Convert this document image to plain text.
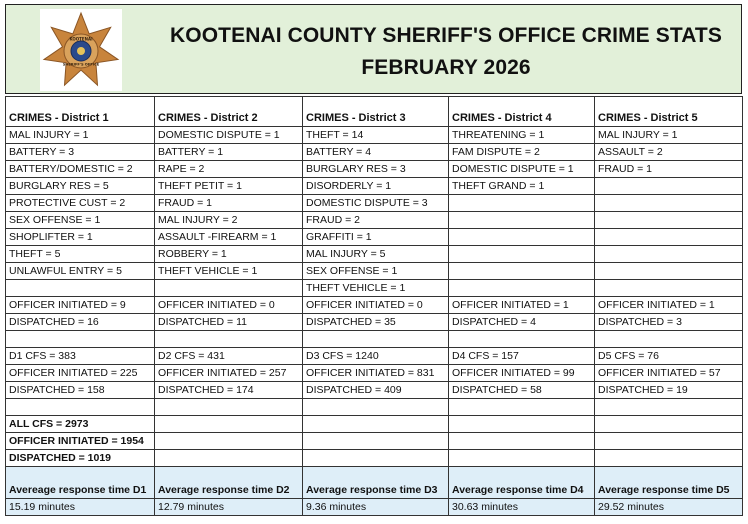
KOOTENAI
SHERIFF'S OFFICE
KOOTENAI COUNTY SHERIFF'S OFFICE CRIME STATS
FEBRUARY 2026
CRIMES - District 1	CRIMES - District 2	CRIMES - District 3	CRIMES - District 4	CRIMES - District 5
MAL INJURY = 1	DOMESTIC DISPUTE = 1	THEFT = 14	THREATENING = 1	MAL INJURY = 1
BATTERY = 3	BATTERY = 1	BATTERY = 4	FAM DISPUTE = 2	ASSAULT = 2
BATTERY/DOMESTIC = 2	RAPE = 2	BURGLARY RES = 3	DOMESTIC DISPUTE = 1	FRAUD = 1
BURGLARY RES = 5	THEFT PETIT = 1	DISORDERLY = 1	THEFT GRAND = 1	
PROTECTIVE CUST = 2	FRAUD = 1	DOMESTIC DISPUTE = 3		
SEX OFFENSE = 1	MAL INJURY = 2	FRAUD = 2		
SHOPLIFTER = 1	ASSAULT -FIREARM = 1	GRAFFITI = 1		
THEFT = 5	ROBBERY = 1	MAL INJURY = 5		
UNLAWFUL ENTRY = 5	THEFT VEHICLE = 1	SEX OFFENSE = 1		
		THEFT VEHICLE = 1		
OFFICER INITIATED = 9	OFFICER INITIATED = 0	OFFICER INITIATED = 0	OFFICER INITIATED = 1	OFFICER INITIATED = 1
DISPATCHED = 16	DISPATCHED = 11	DISPATCHED = 35	DISPATCHED = 4	DISPATCHED = 3

D1 CFS = 383	D2 CFS = 431	D3 CFS = 1240	D4 CFS = 157	D5 CFS = 76
OFFICER INITIATED = 225	OFFICER INITIATED = 257	OFFICER INITIATED = 831	OFFICER INITIATED = 99	OFFICER INITIATED = 57
DISPATCHED = 158	DISPATCHED = 174	DISPATCHED = 409	DISPATCHED = 58	DISPATCHED = 19

ALL CFS = 2973				
OFFICER INITIATED = 1954				
DISPATCHED = 1019				
Avereage response time D1	Average response time D2	Average response time D3	Average response time D4	Average response time D5
15.19 minutes	12.79 minutes	9.36 minutes	30.63 minutes	29.52 minutes
